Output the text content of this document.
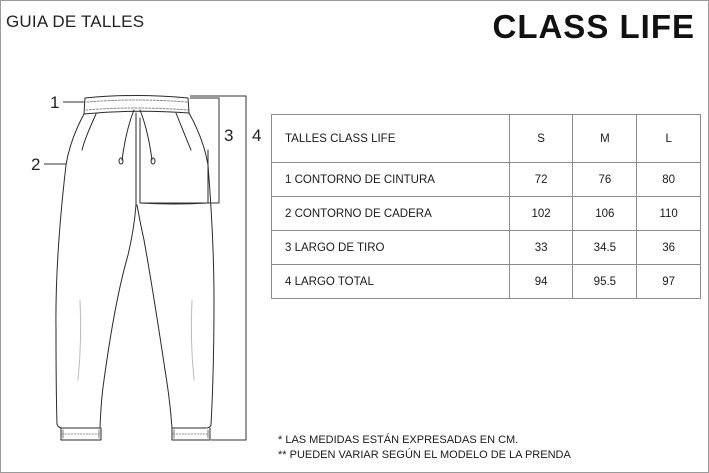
GUIA DE TALLES	CLASS LIFE
1
2
3 4 TALLES CLASS LIFE	S	M	L
1 CONTORNO DE CINTURA	72	76	80
2 CONTORNO DE CADERA	102	106	110
3 LARGO DE TIRO	33	34.5	36
4 LARGO TOTAL	94	95.5	97
* LAS MEDIDAS ESTÁN EXPRESADAS EN CM.
** PUEDEN VARIAR SEGÚN EL MODELO DE LA PRENDA
